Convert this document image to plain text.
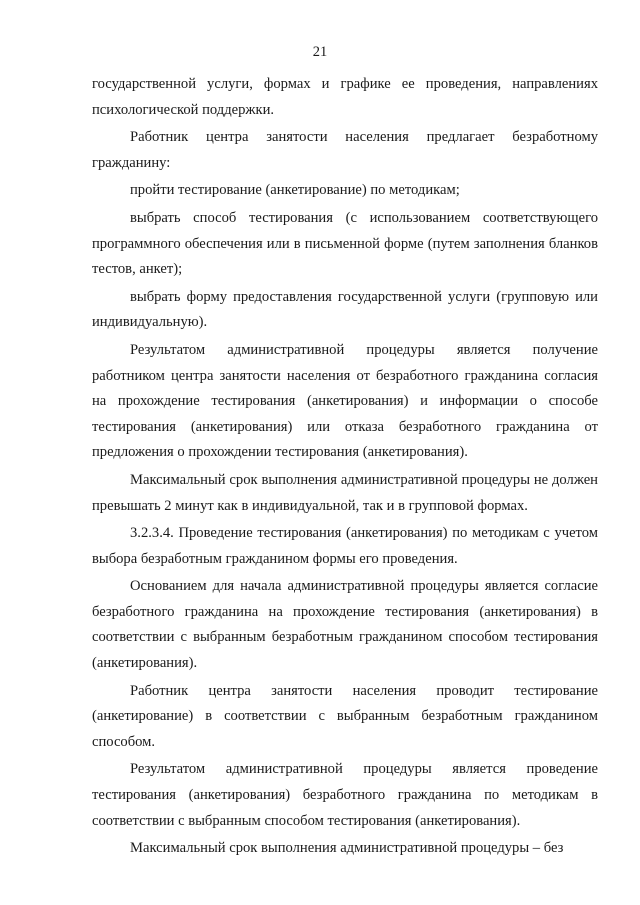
21

государственной услуги, формах и графике ее проведения, направлениях психологической поддержки.

Работник центра занятости населения предлагает безработному гражданину:

пройти тестирование (анкетирование) по методикам;

выбрать способ тестирования (с использованием соответствующего программного обеспечения или в письменной форме (путем заполнения бланков тестов, анкет);

выбрать форму предоставления государственной услуги (групповую или индивидуальную).

Результатом административной процедуры является получение работником центра занятости населения от безработного гражданина согласия на прохождение тестирования (анкетирования) и информации о способе тестирования (анкетирования) или отказа безработного гражданина от предложения о прохождении тестирования (анкетирования).

Максимальный срок выполнения административной процедуры не должен превышать 2 минут как в индивидуальной, так и в групповой формах.

3.2.3.4. Проведение тестирования (анкетирования) по методикам с учетом выбора безработным гражданином формы его проведения.

Основанием для начала административной процедуры является согласие безработного гражданина на прохождение тестирования (анкетирования) в соответствии с выбранным безработным гражданином способом тестирования (анкетирования).

Работник центра занятости населения проводит тестирование (анкетирование) в соответствии с выбранным безработным гражданином способом.

Результатом административной процедуры является проведение тестирования (анкетирования) безработного гражданина по методикам в соответствии с выбранным способом тестирования (анкетирования).

Максимальный срок выполнения административной процедуры – без
